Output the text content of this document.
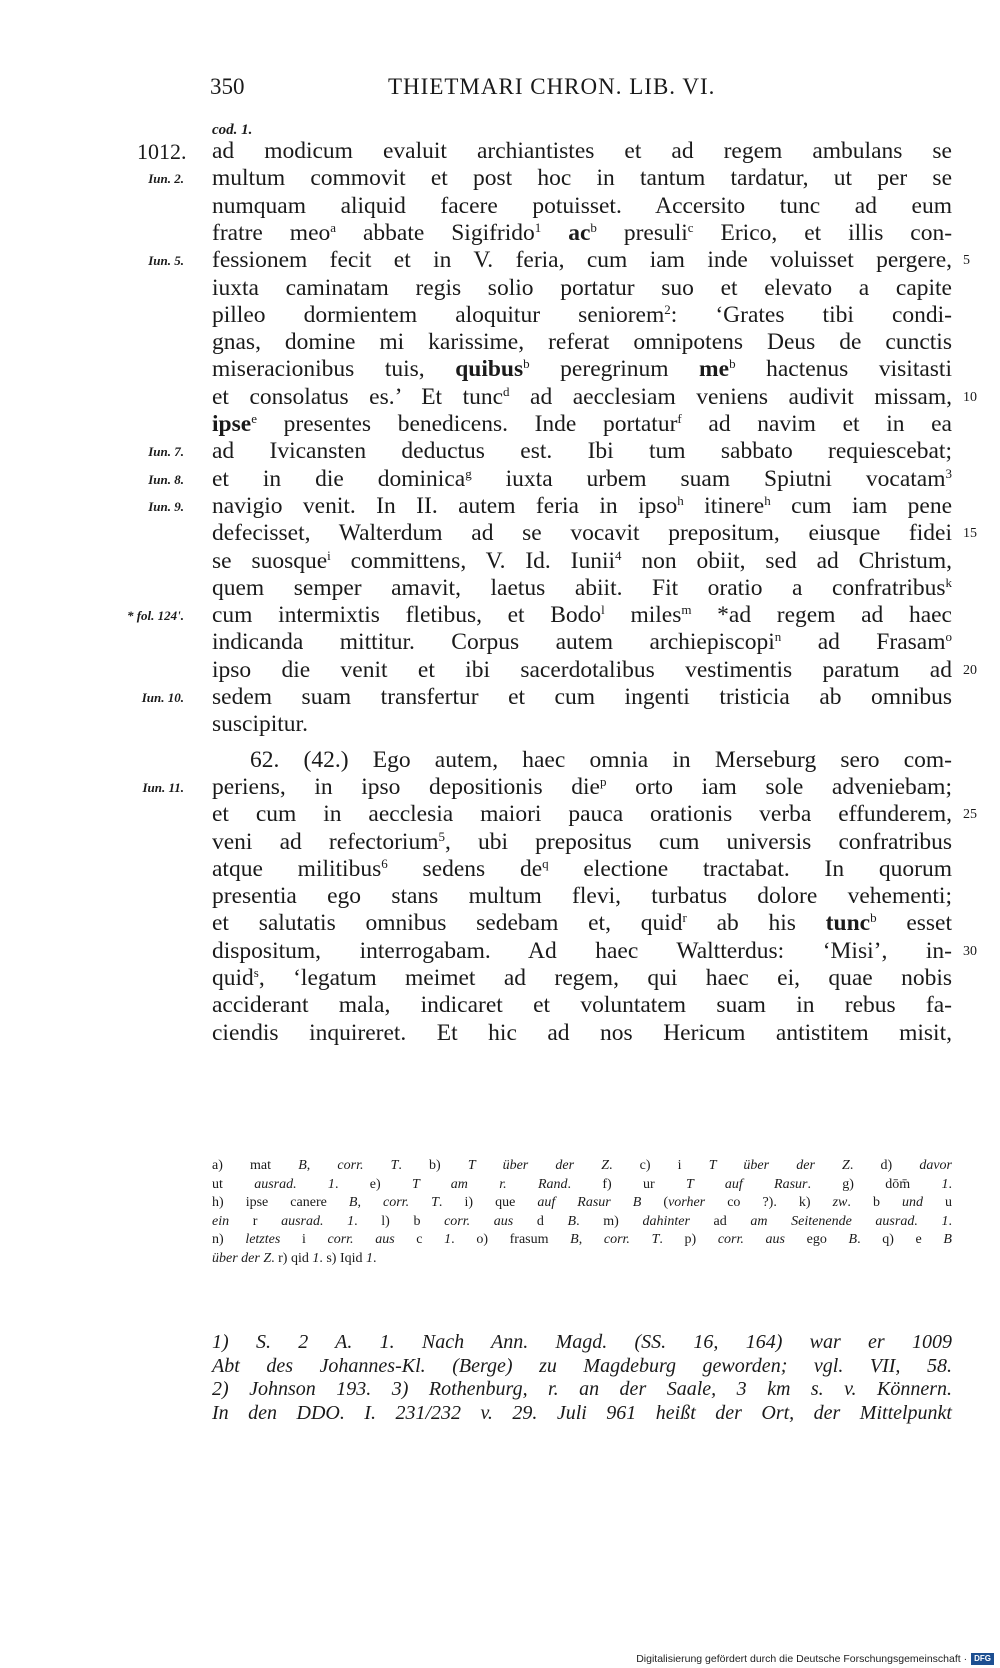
350	THIETMARI CHRON. LIB. VI.
cod. 1.
ad modicum evaluit archiantistes et ad regem ambulans se
multum commovit et post hoc in tantum tardatur, ut per se
numquam aliquid facere potuisset. Accersito tunc ad eum
fratre meo$^a$ abbate Sigifrido$^1$ $ac^b$ presuli$^c$ Erico, et illis con-
fessionem fecit et in V. feria, cum iam inde voluisset pergere,
iuxta caminatam regis solio portatur suo et elevato a capite
pilleo dormientem aloquitur seniorem$^2$: ‘Grates tibi condi-
gnas, domine mi karissime, referat omnipotens Deus de cunctis
miseracionibus tuis, quibus$^b$ peregrinum $me^b$ hactenus visitasti
et consolatus es.’ Et tunc$^d$ ad aecclesiam veniens audivit missam,
ipse$^e$ presentes benedicens. Inde portatur$^f$ ad navim et in ea
ad Ivicansten deductus est. Ibi tum sabbato requiescebat;
et in die dominica$^g$ iuxta urbem suam Spiutni vocatam$^3$
navigio venit. In II. autem feria in ipso$^h$ itinere$^h$ cum iam pene
defecisset, Walterdum ad se vocavit prepositum, eiusque fidei
se suosque$^i$ committens, V. Id. Iunii$^4$ non obiit, sed ad Christum,
quem semper amavit, laetus abiit. Fit oratio a confratribus$^k$
cum intermixtis fletibus, et Bodo$^l$ miles$^m$ *ad regem ad haec
indicanda mittitur. Corpus autem archiepiscopi$^n$ ad Frasam$^o$
ipso die venit et ibi sacerdotalibus vestimentis paratum ad
sedem suam transfertur et cum ingenti tristicia ab omnibus
suscipitur.
62. (42.) Ego autem, haec omnia in Merseburg sero com-
periens, in ipso depositionis die$^p$ orto iam sole adveniebam;
et cum in aecclesia maiori pauca orationis verba effunderem,
veni ad refectorium$^5$, ubi prepositus cum universis confratribus
atque militibus$^6$ sedens $de^q$ electione tractabat. In quorum
presentia ego stans multum flevi, turbatus dolore vehementi;
et salutatis omnibus sedebam et, quid$^r$ ab his tunc$^b$ esset
dispositum, interrogabam. Ad haec Waltterdus: ‘Misi’, in-
quid$^s$, ‘legatum meimet ad regem, qui haec ei, quae nobis
acciderant mala, indicaret et voluntatem suam in rebus fa-
ciendis inquireret. Et hic ad nos Hericum antistitem misit,
1012.
Iun. 2.
Iun. 5.
Iun. 7.
Iun. 8.
Iun. 9.
* fol. 124'.
Iun. 10.
Iun. 11.
5
10
15
20
25
30
a) mat B, corr. T. b) T über der Z. c) i T über der Z. d) davor
ut ausrad. 1. e) T am r. Rand. f) ur T auf Rasur. g) dōm̄ 1.
h) ipse canere B, corr. T. i) que auf Rasur B (vorher co ?). k) zw. b und u
ein r ausrad. 1. l) b corr. aus d B. m) dahinter ad am Seitenende ausrad. 1.
n) letztes i corr. aus c 1. o) frasum B, corr. T. p) corr. aus ego B. q) e B
über der Z. r) qid 1. s) Iqid 1.
1) S. 2 A. 1. Nach Ann. Magd. (SS. 16, 164) war er 1009
Abt des Johannes-Kl. (Berge) zu Magdeburg geworden; vgl. VII, 58.
2) Johnson 193. 3) Rothenburg, r. an der Saale, 3 km s. v. Könnern.
In den DDO. I. 231/232 v. 29. Juli 961 heißt der Ort, der Mittelpunkt
Digitalisierung gefördert durch die Deutsche Forschungsgemeinschaft · DFG
